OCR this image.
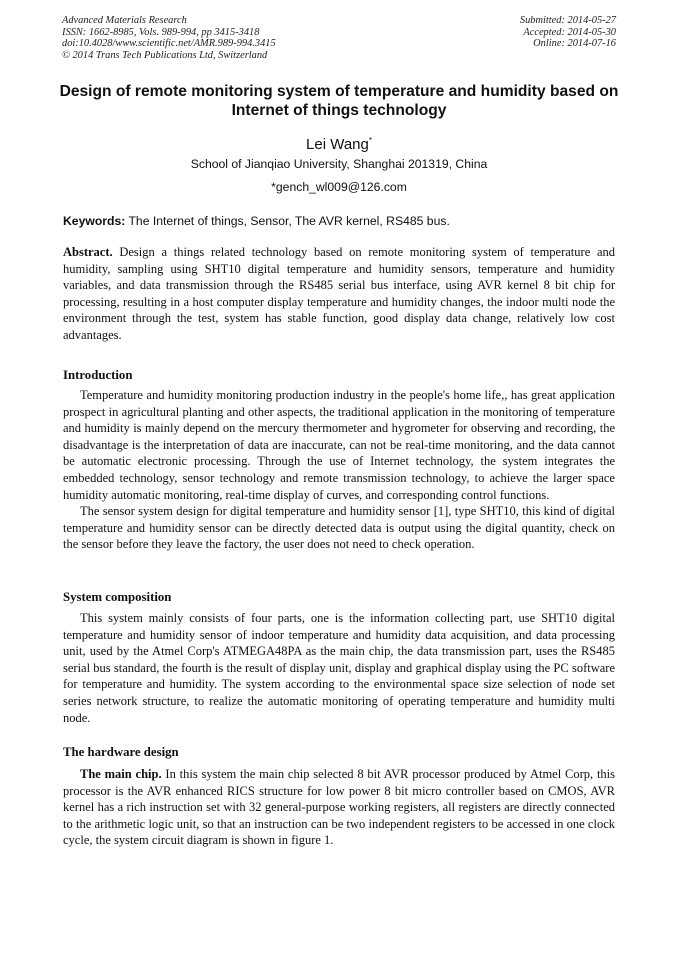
Advanced Materials Research
ISSN: 1662-8985, Vols. 989-994, pp 3415-3418
doi:10.4028/www.scientific.net/AMR.989-994.3415
© 2014 Trans Tech Publications Ltd, Switzerland
Submitted: 2014-05-27
Accepted: 2014-05-30
Online: 2014-07-16
Design of remote monitoring system of temperature and humidity based on Internet of things technology
Lei Wang*
School of Jianqiao University, Shanghai 201319, China
*gench_wl009@126.com
Keywords: The Internet of things, Sensor, The AVR kernel, RS485 bus.

Abstract. Design a things related technology based on remote monitoring system of temperature and humidity, sampling using SHT10 digital temperature and humidity sensors, temperature and humidity variables, and data transmission through the RS485 serial bus interface, using AVR kernel 8 bit chip for processing, resulting in a host computer display temperature and humidity changes, the indoor multi node the environment through the test, system has stable function, good display data change, relatively low cost advantages.

Introduction

Temperature and humidity monitoring production industry in the people's home life,, has great application prospect in agricultural planting and other aspects, the traditional application in the monitoring of temperature and humidity is mainly depend on the mercury thermometer and hygrometer for observing and recording, the disadvantage is the interpretation of data are inaccurate, can not be real-time monitoring, and the data cannot be automatic electronic processing. Through the use of Internet technology, the system integrates the embedded technology, sensor technology and remote transmission technology, to achieve the larger space humidity automatic monitoring, real-time display of curves, and corresponding control functions.

The sensor system design for digital temperature and humidity sensor [1], type SHT10, this kind of digital temperature and humidity sensor can be directly detected data is output using the digital quantity, check on the sensor before they leave the factory, the user does not need to check operation.

System composition

This system mainly consists of four parts, one is the information collecting part, use SHT10 digital temperature and humidity sensor of indoor temperature and humidity data acquisition, and data processing unit, used by the Atmel Corp's ATMEGA48PA as the main chip, the data transmission part, uses the RS485 serial bus standard, the fourth is the result of display unit, display and graphical display using the PC software for temperature and humidity. The system according to the environmental space size selection of node set series network structure, to realize the automatic monitoring of operating temperature and humidity multi node.

The hardware design

The main chip. In this system the main chip selected 8 bit AVR processor produced by Atmel Corp, this processor is the AVR enhanced RICS structure for low power 8 bit micro controller based on CMOS, AVR kernel has a rich instruction set with 32 general-purpose working registers, all registers are directly connected to the arithmetic logic unit, so that an instruction can be two independent registers to be accessed in one clock cycle, the system circuit diagram is shown in figure 1.
